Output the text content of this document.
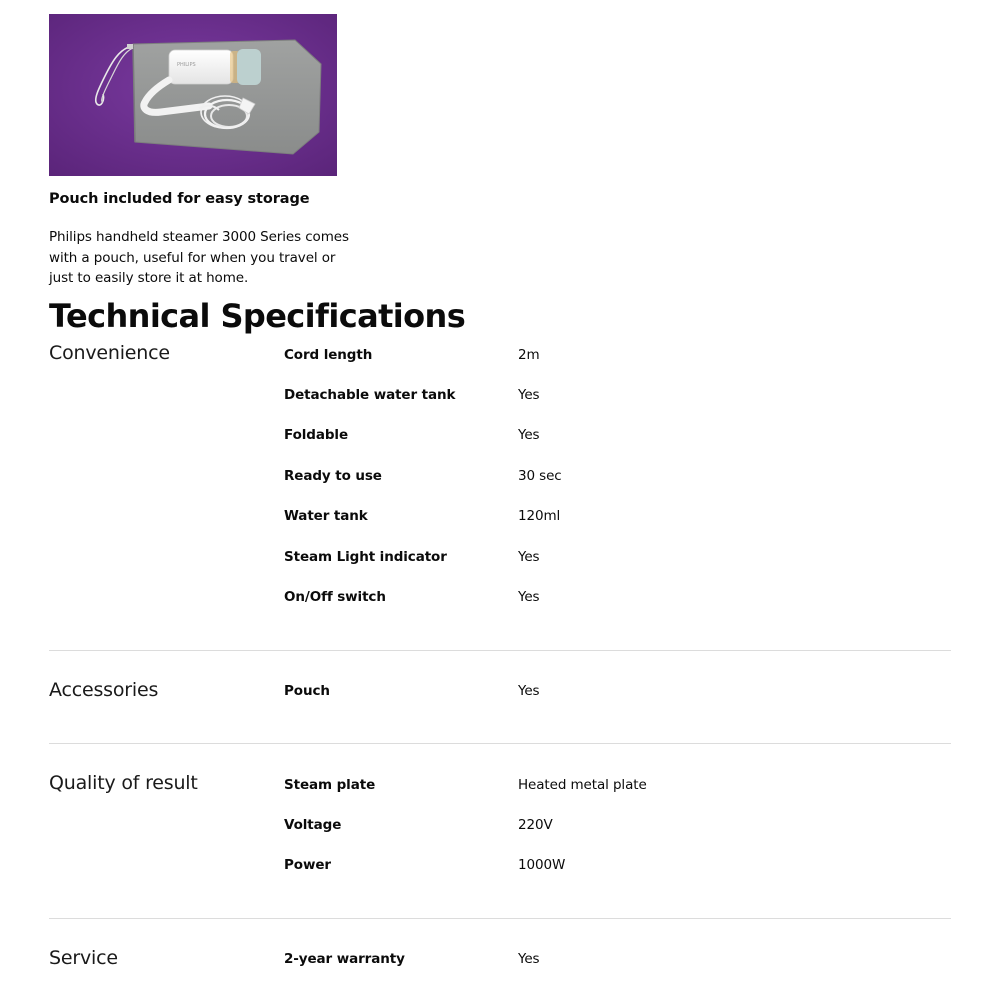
PHILIPS
Pouch included for easy storage
Philips handheld steamer 3000 Series comes with a pouch, useful for when you travel or just to easily store it at home.
Technical Specifications
Convenience	Cord length	2m
Detachable water tank	Yes
Foldable	Yes
Ready to use	30 sec
Water tank	120ml
Steam Light indicator	Yes
On/Off switch	Yes
Accessories	Pouch	Yes
Quality of result	Steam plate	Heated metal plate
Voltage	220V
Power	1000W
Service	2-year warranty	Yes
